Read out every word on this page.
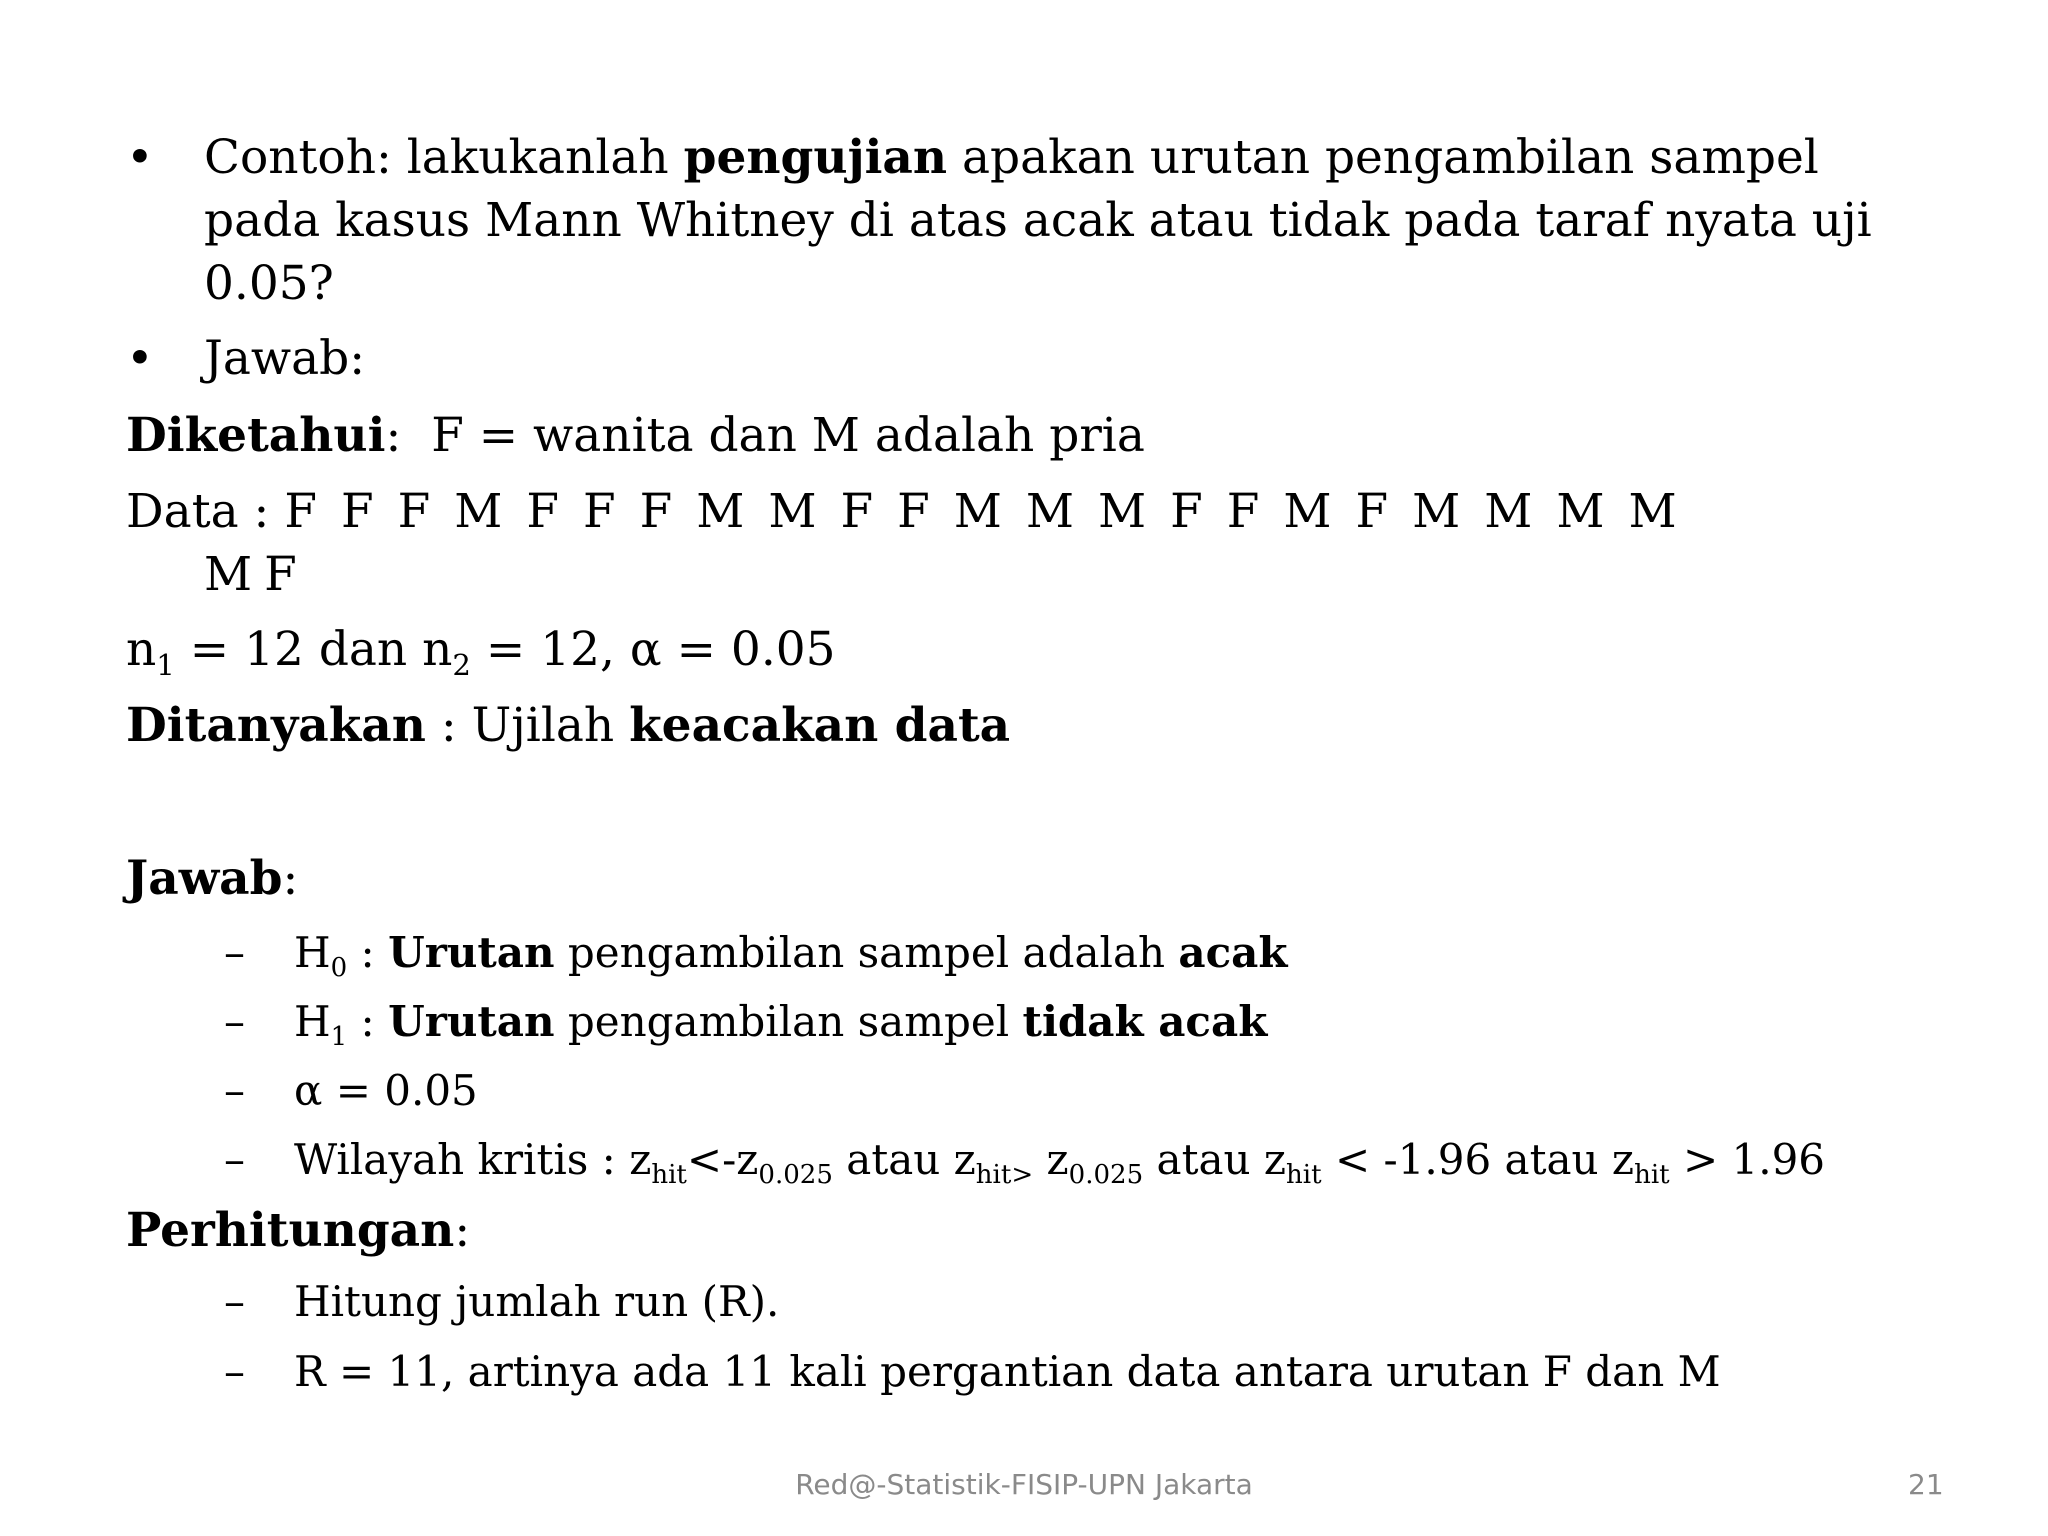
• Contoh: lakukanlah pengujian apakan urutan pengambilan sampel
pada kasus Mann Whitney di atas acak atau tidak pada taraf nyata uji
0.05?
• Jawab:
Diketahui: F = wanita dan M adalah pria
Data : F F F M F F F M M F F M M M F F M F M M M M
M F
$n_1 = 12$ dan $n_2 = 12$, α = 0.05
Ditanyakan : Ujilah keacakan data
Jawab:
– $H_0$ : Urutan pengambilan sampel adalah acak
– $H_1$ : Urutan pengambilan sampel tidak acak
– α = 0.05
– Wilayah kritis : $z_{hit}<-z_{0.025}$ atau $z_{hit>}$ $z_{0.025}$ atau $z_{hit} < -1.96$ atau $z_{hit} > 1.96$
Perhitungan:
– Hitung jumlah run (R).
– R = 11, artinya ada 11 kali pergantian data antara urutan F dan M
Red@-Statistik-FISIP-UPN Jakarta	21
